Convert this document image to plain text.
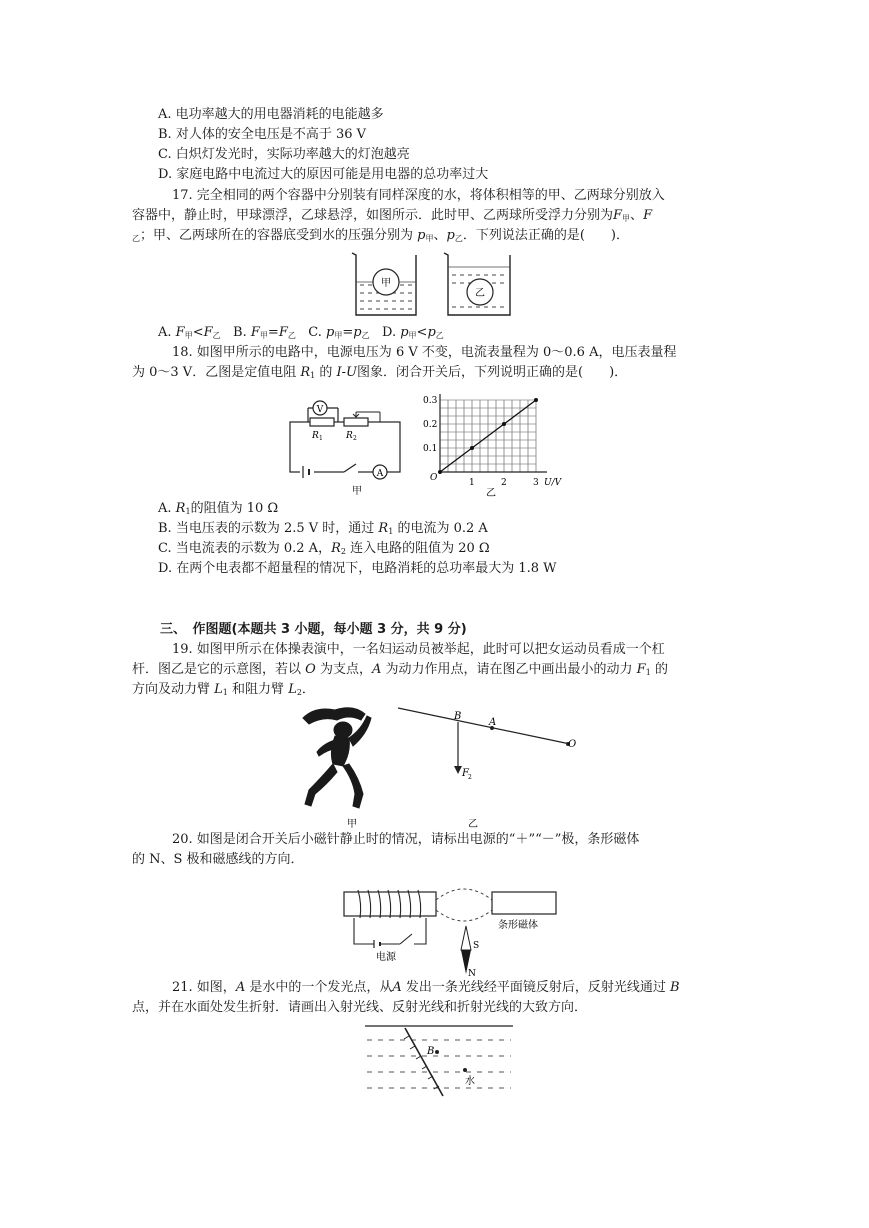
A. 电功率越大的用电器消耗的电能越多
B. 对人体的安全电压是不高于 36 V
C. 白炽灯发光时，实际功率越大的灯泡越亮
D. 家庭电路中电流过大的原因可能是用电器的总功率过大
17. 完全相同的两个容器中分别装有同样深度的水，将体积相等的甲、乙两球分别放入
容器中，静止时，甲球漂浮，乙球悬浮，如图所示．此时甲、乙两球所受浮力分别为$F_甲$、F
$_乙$；甲、乙两球所在的容器底受到水的压强分别为 $p_甲$、$p_乙$．下列说法正确的是(　　)．
甲
乙
A. $F_甲<F_乙$ B. $F_甲=F_乙$ C. $p_甲=p_乙$ D. $p_甲<p_乙$
18. 如图甲所示的电路中，电源电压为 6 V 不变，电流表量程为 0～0.6 A，电压表量程
为 0～3 V．乙图是定值电阻 $R_1$ 的 I-U图象．闭合开关后，下列说明正确的是(　　)．
V
R 1	R 2
A
甲
0.3
0.2
0.1
1	2	3
O	U/V
乙
A. $R_1$的阻值为 10 Ω
B. 当电压表的示数为 2.5 V 时，通过 $R_1$ 的电流为 0.2 A
C. 当电流表的示数为 0.2 A，$R_2$ 连入电路的阻值为 20 Ω
D. 在两个电表都不超量程的情况下，电路消耗的总功率最大为 1.8 W
三、　作图题(本题共 3 小题，每小题 3 分，共 9 分)
19. 如图甲所示在体操表演中，一名妇运动员被举起，此时可以把女运动员看成一个杠
杆．图乙是它的示意图，若以 O 为支点，A 为动力作用点，请在图乙中画出最小的动力 $F_1$ 的
方向及动力臂 $L_1$ 和阻力臂 $L_2$．
甲
B
A
O
F 2
乙
20. 如图是闭合开关后小磁针静止时的情况，请标出电源的“＋”“－”极，条形磁体
的 N、S 极和磁感线的方向．
电源
条形磁体
S
N
21. 如图，A 是水中的一个发光点，从A 发出一条光线经平面镜反射后，反射光线通过 B
点，并在水面处发生折射．请画出入射光线、反射光线和折射光线的大致方向．
B
水
